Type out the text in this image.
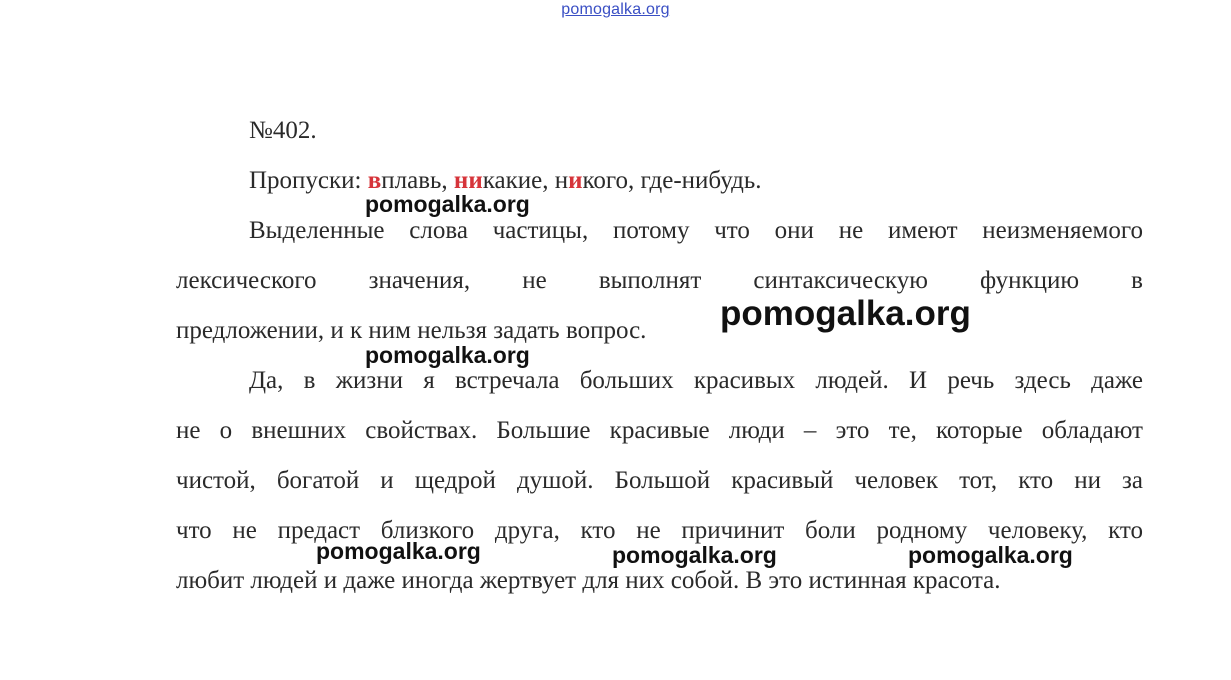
pomogalka.org
№402.
Пропуски: вплавь, никакие, никого, где-нибудь.
Выделенные слова частицы, потому что они не имеют неизменяемого
лексического значения, не выполнят синтаксическую функцию в
предложении, и к ним нельзя задать вопрос.
Да, в жизни я встречала больших красивых людей. И речь здесь даже
не о внешних свойствах. Большие красивые люди – это те, которые обладают
чистой, богатой и щедрой душой. Большой красивый человек тот, кто ни за
что не предаст близкого друга, кто не причинит боли родному человеку, кто
любит людей и даже иногда жертвует для них собой. В это истинная красота.
pomogalka.org
pomogalka.org
pomogalka.org
pomogalka.org	pomogalka.org	pomogalka.org
